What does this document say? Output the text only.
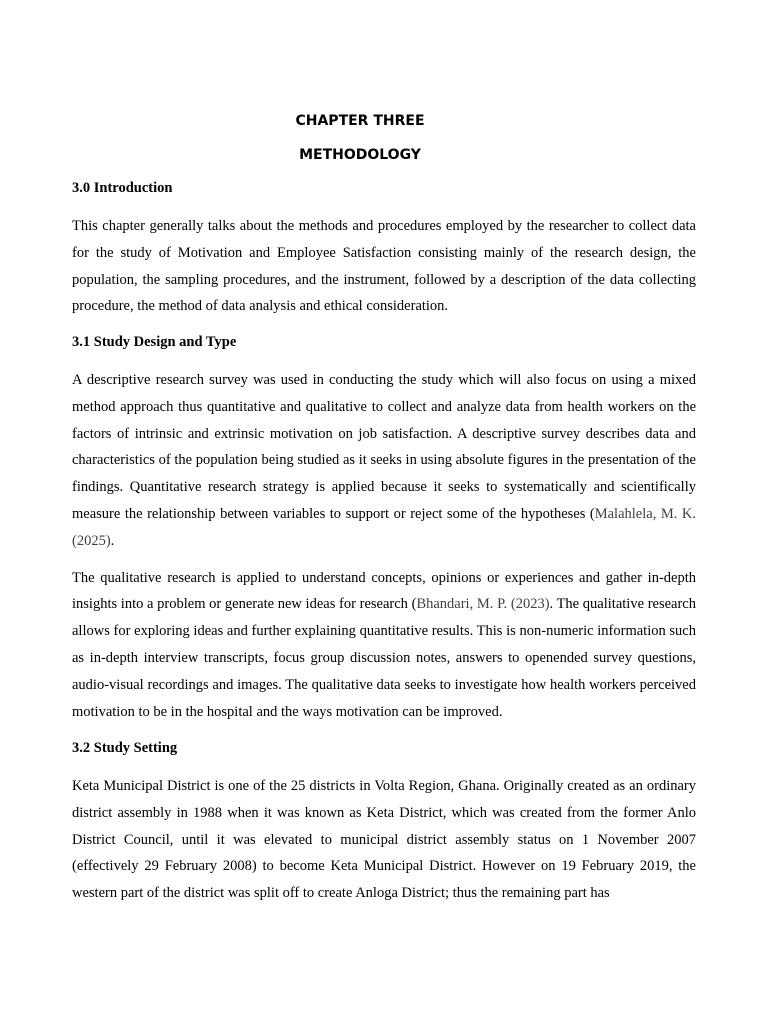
CHAPTER THREE
METHODOLOGY
3.0 Introduction

This chapter generally talks about the methods and procedures employed by the researcher to collect data for the study of Motivation and Employee Satisfaction consisting mainly of the research design, the population, the sampling procedures, and the instrument, followed by a description of the data collecting procedure, the method of data analysis and ethical consideration.

3.1 Study Design and Type

A descriptive research survey was used in conducting the study which will also focus on using a mixed method approach thus quantitative and qualitative to collect and analyze data from health workers on the factors of intrinsic and extrinsic motivation on job satisfaction. A descriptive survey describes data and characteristics of the population being studied as it seeks in using absolute figures in the presentation of the findings. Quantitative research strategy is applied because it seeks to systematically and scientifically measure the relationship between variables to support or reject some of the hypotheses (Malahlela, M. K. (2025).

The qualitative research is applied to understand concepts, opinions or experiences and gather in-depth insights into a problem or generate new ideas for research (Bhandari, M. P. (2023). The qualitative research allows for exploring ideas and further explaining quantitative results. This is non-numeric information such as in-depth interview transcripts, focus group discussion notes, answers to openended survey questions, audio-visual recordings and images. The qualitative data seeks to investigate how health workers perceived motivation to be in the hospital and the ways motivation can be improved.

3.2 Study Setting

Keta Municipal District is one of the 25 districts in Volta Region, Ghana. Originally created as an ordinary district assembly in 1988 when it was known as Keta District, which was created from the former Anlo District Council, until it was elevated to municipal district assembly status on 1 November 2007 (effectively 29 February 2008) to become Keta Municipal District. However on 19 February 2019, the western part of the district was split off to create Anloga District; thus the remaining part has
